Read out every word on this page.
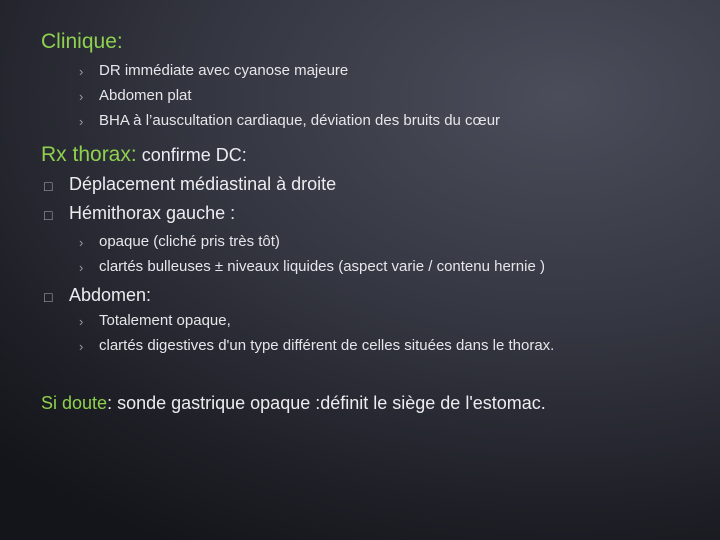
Clinique:
› DR immédiate avec cyanose majeure
› Abdomen plat
› BHA à l’auscultation cardiaque, déviation des bruits du cœur
Rx thorax: confirme DC:
□ Déplacement médiastinal à droite
□ Hémithorax gauche :
› opaque (cliché pris très tôt)
› clartés bulleuses ± niveaux liquides (aspect varie / contenu hernie )
□ Abdomen:
› Totalement opaque,
› clartés digestives d'un type différent de celles situées dans le thorax.
Si doute: sonde gastrique opaque :définit le siège de l'estomac.
